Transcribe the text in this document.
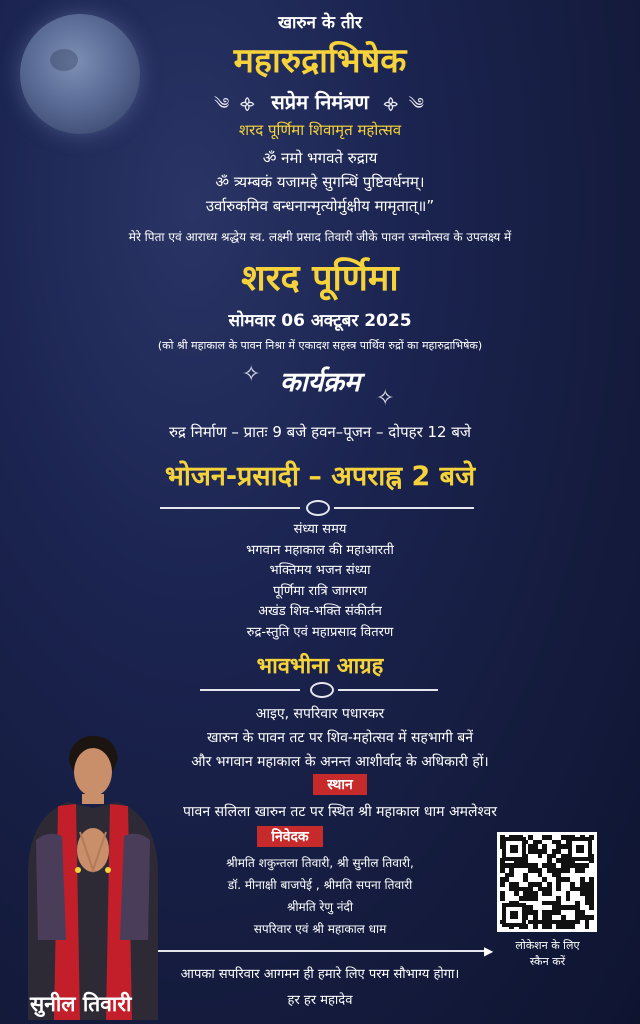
खारुन के तीर
महारुद्राभिषेक
༄ ᯽ सप्रेम निमंत्रण ᯽ ༄
शरद पूर्णिमा शिवामृत महोत्सव
ॐ नमो भगवते रुद्राय
ॐ त्र्यम्बकं यजामहे सुगन्धिं पुष्टिवर्धनम्।
उर्वारुकमिव बन्धनान्मृत्योर्मुक्षीय मामृतात्॥”
मेरे पिता एवं आराध्य श्रद्धेय स्व. लक्ष्मी प्रसाद तिवारी जीके पावन जन्मोत्सव के उपलक्ष्य में
शरद पूर्णिमा
सोमवार 06 अक्टूबर 2025
(को श्री महाकाल के पावन निश्रा में एकादश सहस्त्र पार्थिव रुद्रों का महारुद्राभिषेक)
✧ कार्यक्रम
✧
रुद्र निर्माण – प्रातः 9 बजे हवन–पूजन – दोपहर 12 बजे
भोजन-प्रसादी – अपराह्न 2 बजे
संध्या समय
भगवान महाकाल की महाआरती
भक्तिमय भजन संध्या
पूर्णिमा रात्रि जागरण
अखंड शिव-भक्ति संकीर्तन
रुद्र-स्तुति एवं महाप्रसाद वितरण
भावभीना आग्रह
आइए, सपरिवार पधारकर
खारुन के पावन तट पर शिव-महोत्सव में सहभागी बनें
और भगवान महाकाल के अनन्त आशीर्वाद के अधिकारी हों।
स्थान
पावन सलिला खारुन तट पर स्थित श्री महाकाल धाम अमलेश्वर
निवेदक
श्रीमति शकुन्तला तिवारी, श्री सुनील तिवारी,
डॉ. मीनाक्षी बाजपेई , श्रीमति सपना तिवारी
श्रीमति रेणु नंदी
सपरिवार एवं श्री महाकाल धाम
▶
आपका सपरिवार आगमन ही हमारे लिए परम सौभाग्य होगा।
हर हर महादेव
सुनील तिवारी
लोकेशन के लिए
स्कैन करें
